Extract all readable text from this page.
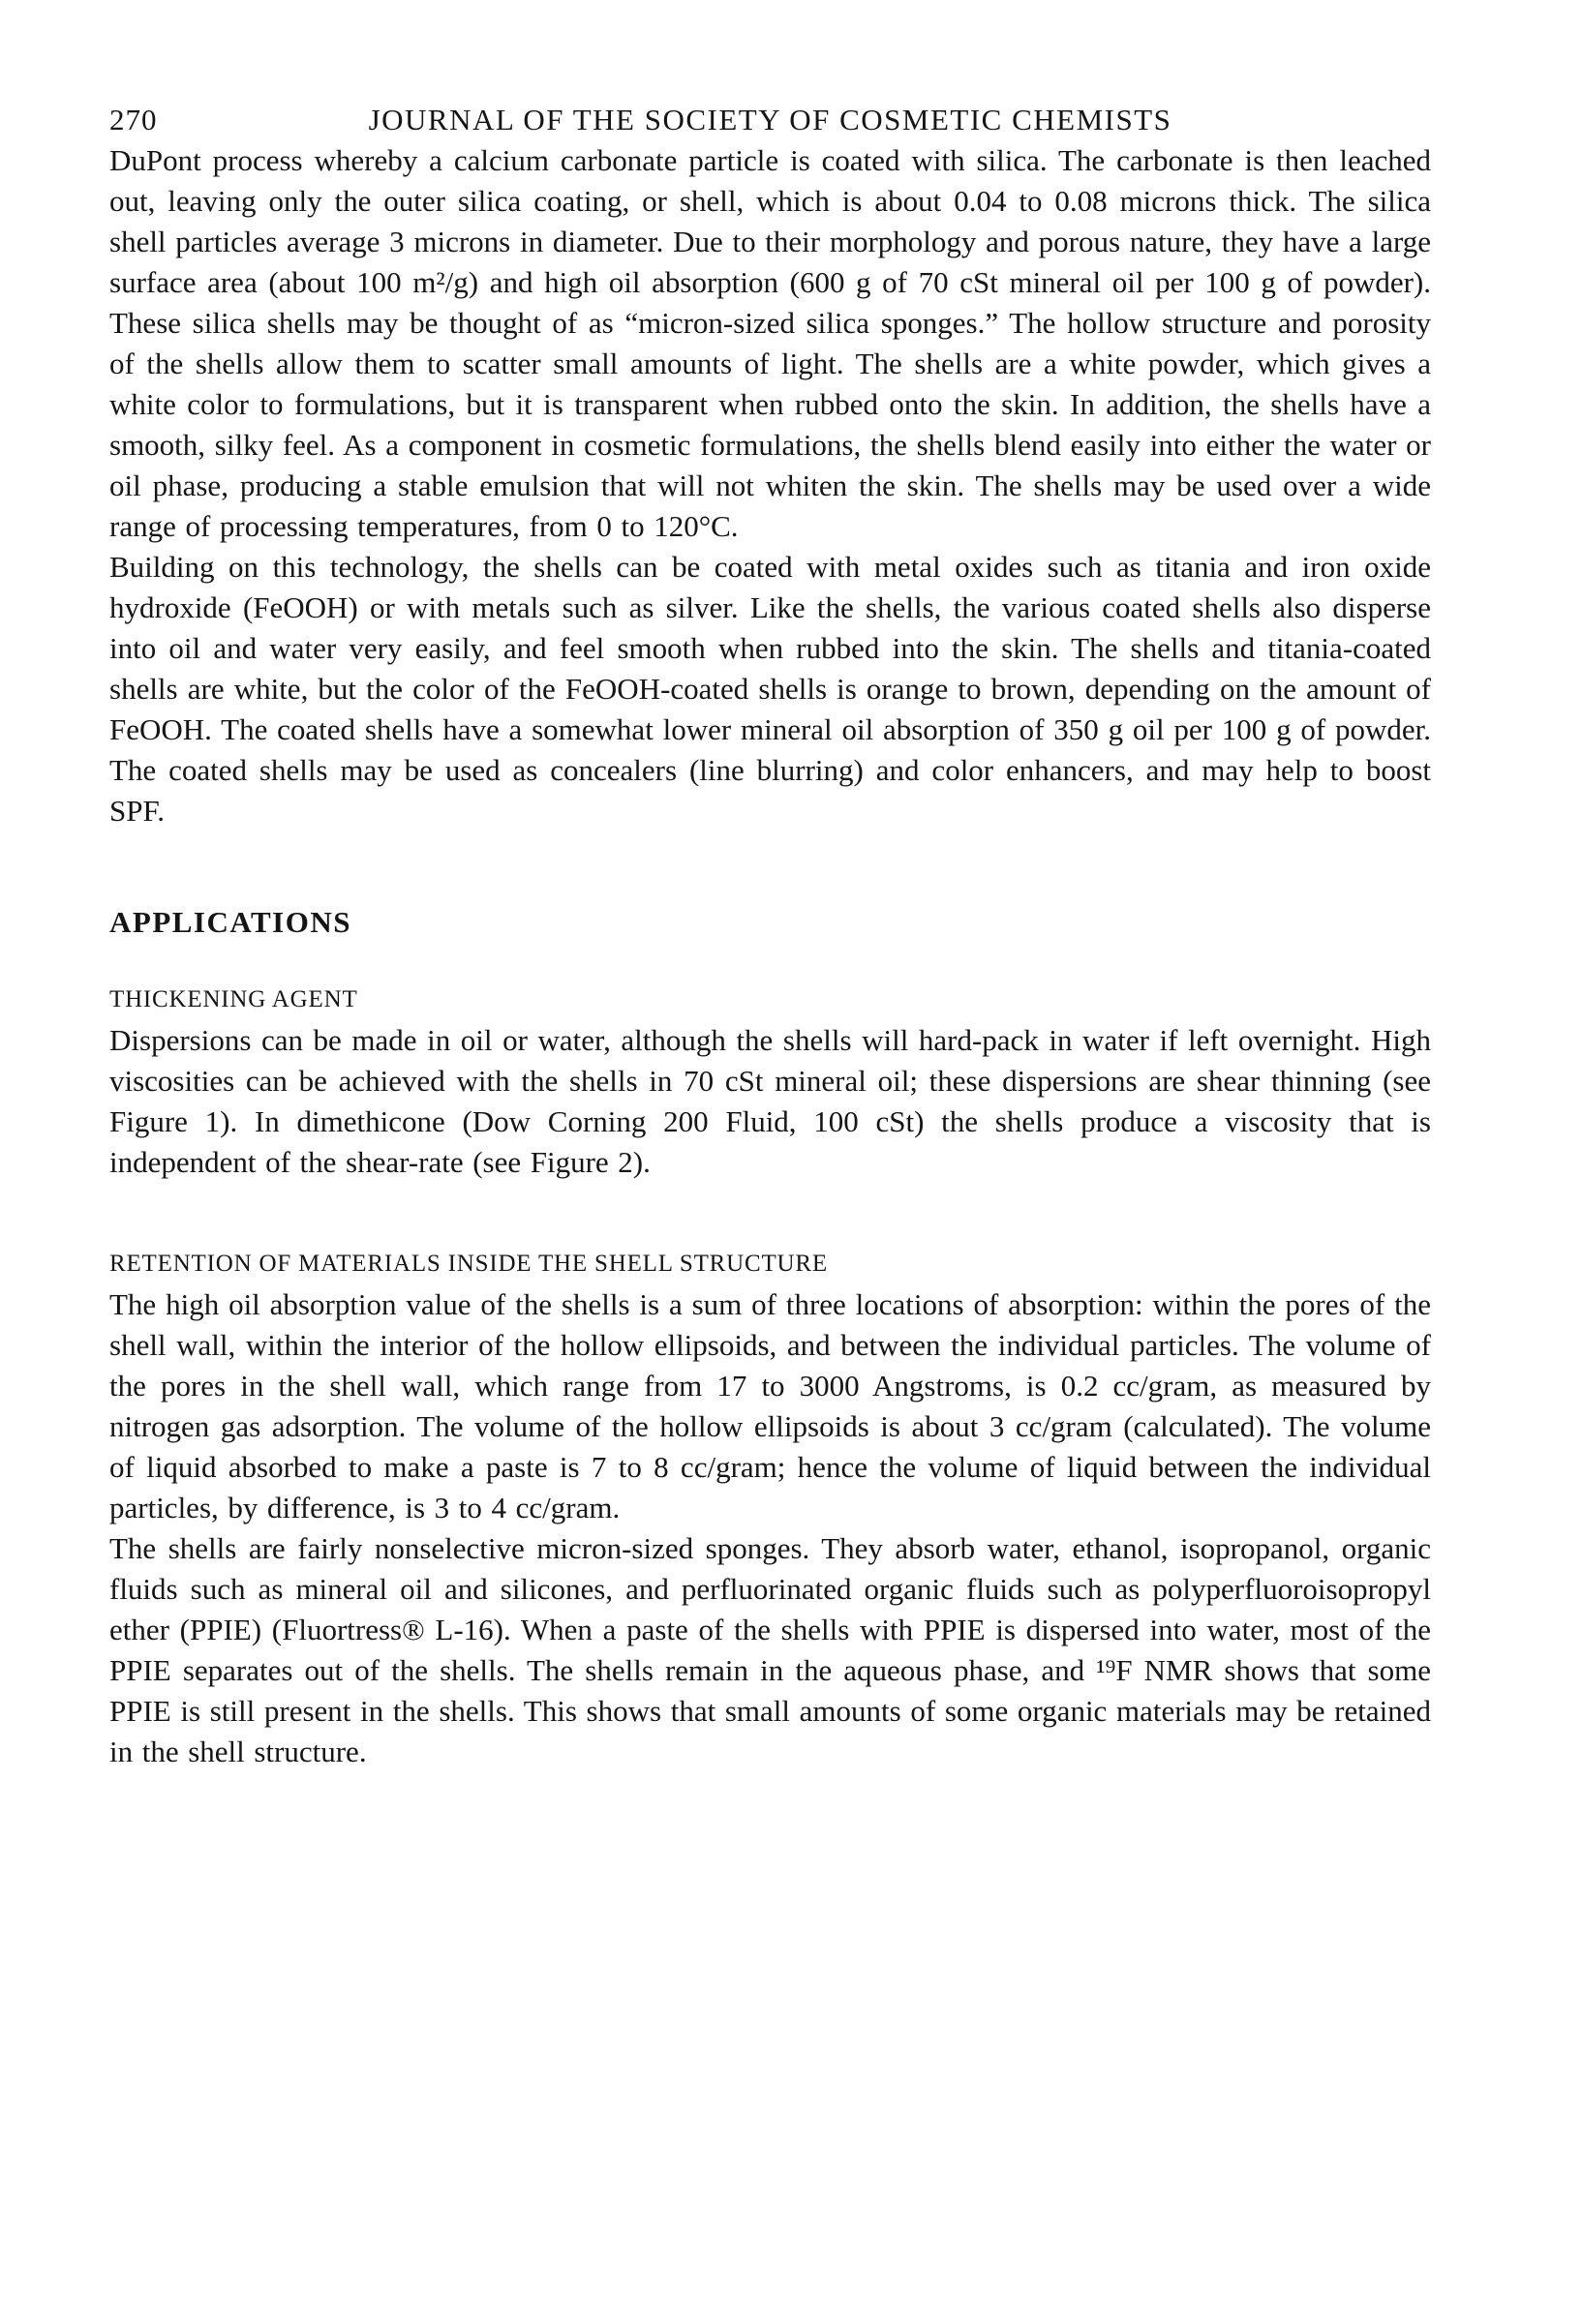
270	JOURNAL OF THE SOCIETY OF COSMETIC CHEMISTS

DuPont process whereby a calcium carbonate particle is coated with silica. The carbonate is then leached out, leaving only the outer silica coating, or shell, which is about 0.04 to 0.08 microns thick. The silica shell particles average 3 microns in diameter. Due to their morphology and porous nature, they have a large surface area (about 100 m²/g) and high oil absorption (600 g of 70 cSt mineral oil per 100 g of powder). These silica shells may be thought of as “micron-sized silica sponges.” The hollow structure and porosity of the shells allow them to scatter small amounts of light. The shells are a white powder, which gives a white color to formulations, but it is transparent when rubbed onto the skin. In addition, the shells have a smooth, silky feel. As a component in cosmetic formulations, the shells blend easily into either the water or oil phase, producing a stable emulsion that will not whiten the skin. The shells may be used over a wide range of processing temperatures, from 0 to 120°C.

Building on this technology, the shells can be coated with metal oxides such as titania and iron oxide hydroxide (FeOOH) or with metals such as silver. Like the shells, the various coated shells also disperse into oil and water very easily, and feel smooth when rubbed into the skin. The shells and titania-coated shells are white, but the color of the FeOOH-coated shells is orange to brown, depending on the amount of FeOOH. The coated shells have a somewhat lower mineral oil absorption of 350 g oil per 100 g of powder. The coated shells may be used as concealers (line blurring) and color enhancers, and may help to boost SPF.

APPLICATIONS
THICKENING AGENT

Dispersions can be made in oil or water, although the shells will hard-pack in water if left overnight. High viscosities can be achieved with the shells in 70 cSt mineral oil; these dispersions are shear thinning (see Figure 1). In dimethicone (Dow Corning 200 Fluid, 100 cSt) the shells produce a viscosity that is independent of the shear-rate (see Figure 2).

RETENTION OF MATERIALS INSIDE THE SHELL STRUCTURE

The high oil absorption value of the shells is a sum of three locations of absorption: within the pores of the shell wall, within the interior of the hollow ellipsoids, and between the individual particles. The volume of the pores in the shell wall, which range from 17 to 3000 Angstroms, is 0.2 cc/gram, as measured by nitrogen gas adsorption. The volume of the hollow ellipsoids is about 3 cc/gram (calculated). The volume of liquid absorbed to make a paste is 7 to 8 cc/gram; hence the volume of liquid between the individual particles, by difference, is 3 to 4 cc/gram.

The shells are fairly nonselective micron-sized sponges. They absorb water, ethanol, isopropanol, organic fluids such as mineral oil and silicones, and perfluorinated organic fluids such as polyperfluoroisopropyl ether (PPIE) (Fluortress® L-16). When a paste of the shells with PPIE is dispersed into water, most of the PPIE separates out of the shells. The shells remain in the aqueous phase, and ¹⁹F NMR shows that some PPIE is still present in the shells. This shows that small amounts of some organic materials may be retained in the shell structure.
